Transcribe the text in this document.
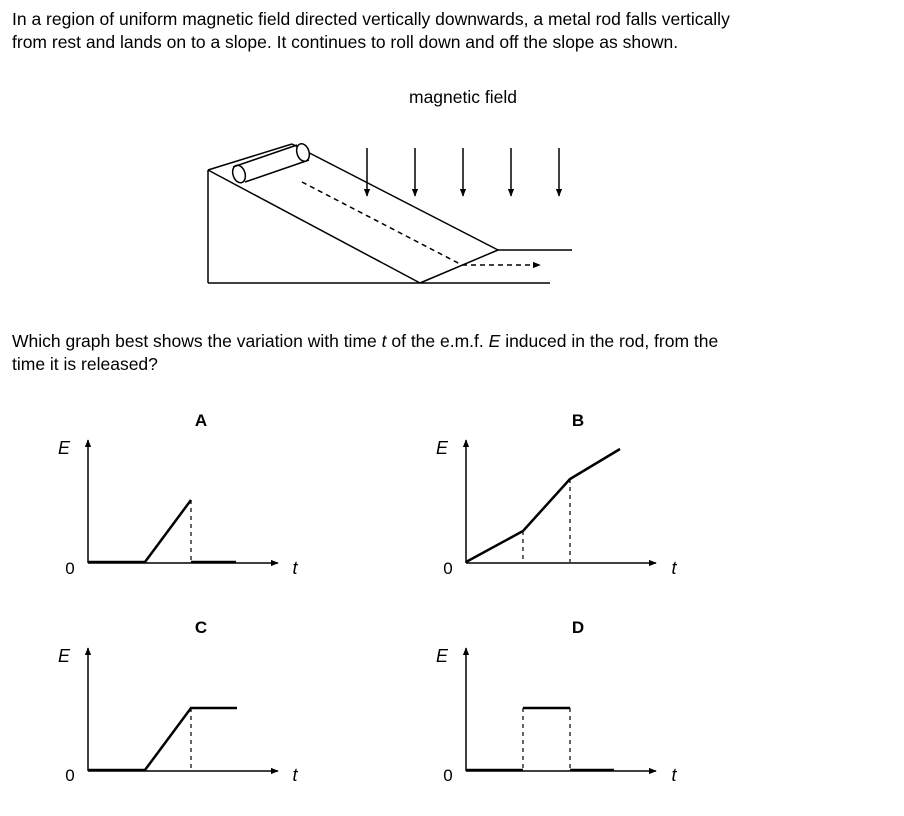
In a region of uniform magnetic field directed vertically downwards, a metal rod falls vertically
from rest and lands on to a slope. It continues to roll down and off the slope as shown.

Which graph best shows the variation with time t of the e.m.f. E induced in the rod, from the
time it is released?

magnetic field
A
E
0	t
B
E
0	t
C
E
0	t
D
E
0	t
